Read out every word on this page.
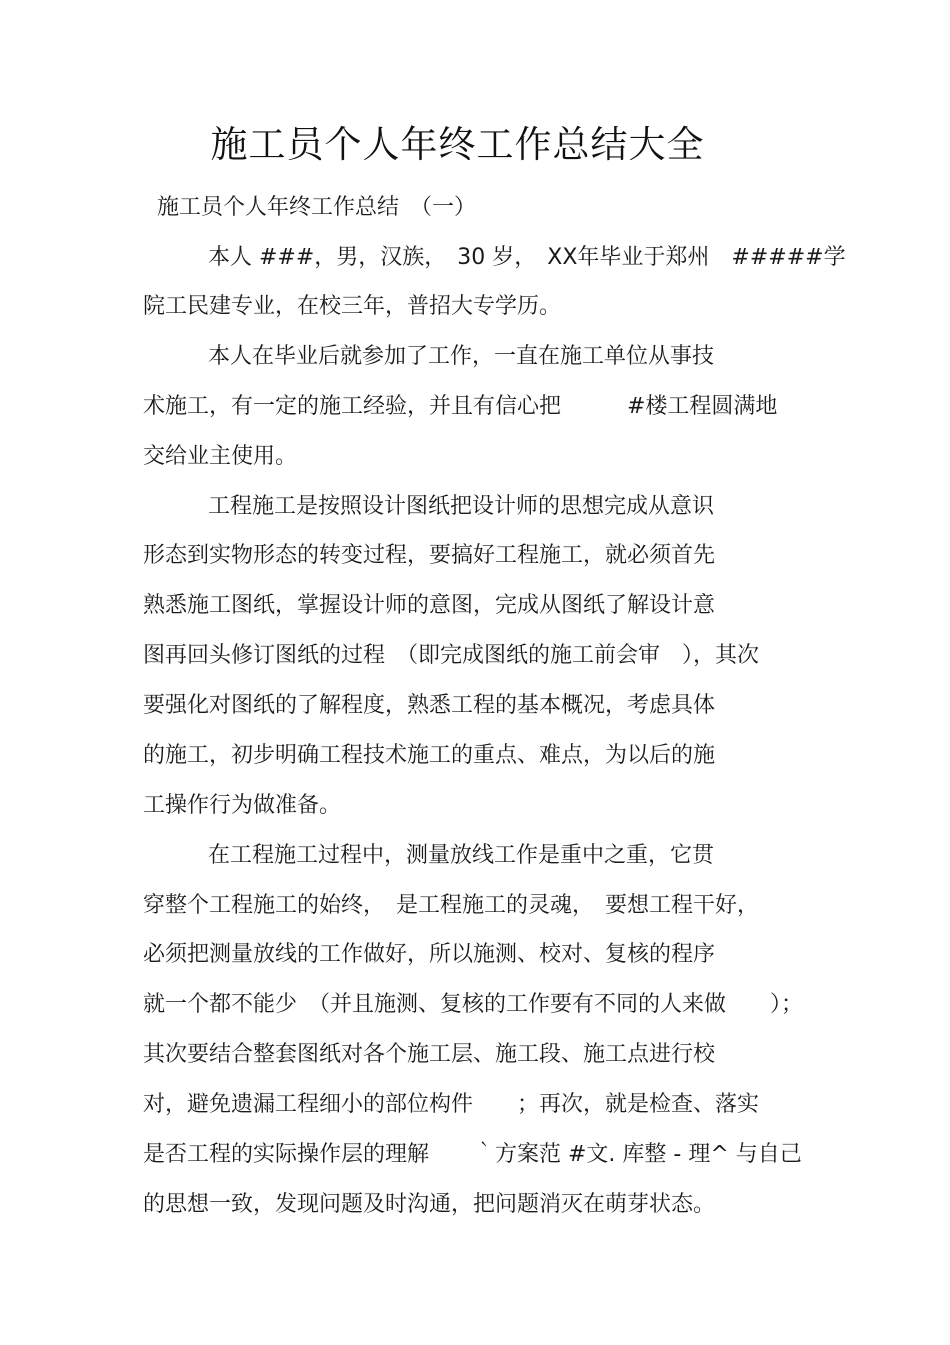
施工员个人年终工作总结大全
施工员个人年终工作总结　（一）
本人 ###，男，汉族，　30 岁，　XX年毕业于郑州　#####学
院工民建专业，在校三年，普招大专学历。
本人在毕业后就参加了工作，一直在施工单位从事技
术施工，有一定的施工经验，并且有信心把　　　#楼工程圆满地
交给业主使用。
工程施工是按照设计图纸把设计师的思想完成从意识
形态到实物形态的转变过程，要搞好工程施工，就必须首先
熟悉施工图纸，掌握设计师的意图，完成从图纸了解设计意
图再回头修订图纸的过程　（即完成图纸的施工前会审　），其次
要强化对图纸的了解程度，熟悉工程的基本概况，考虑具体
的施工，初步明确工程技术施工的重点、难点，为以后的施
工操作行为做准备。
在工程施工过程中，测量放线工作是重中之重，它贯
穿整个工程施工的始终，　是工程施工的灵魂，　要想工程干好，
必须把测量放线的工作做好，所以施测、校对、复核的程序
就一个都不能少　（并且施测、复核的工作要有不同的人来做　　）；
其次要结合整套图纸对各个施工层、施工段、施工点进行校
对，避免遗漏工程细小的部位构件　　；再次，就是检查、落实
是否工程的实际操作层的理解　　｀方案范 #文. 库整 - 理^ 与自己
的思想一致，发现问题及时沟通，把问题消灭在萌芽状态。
